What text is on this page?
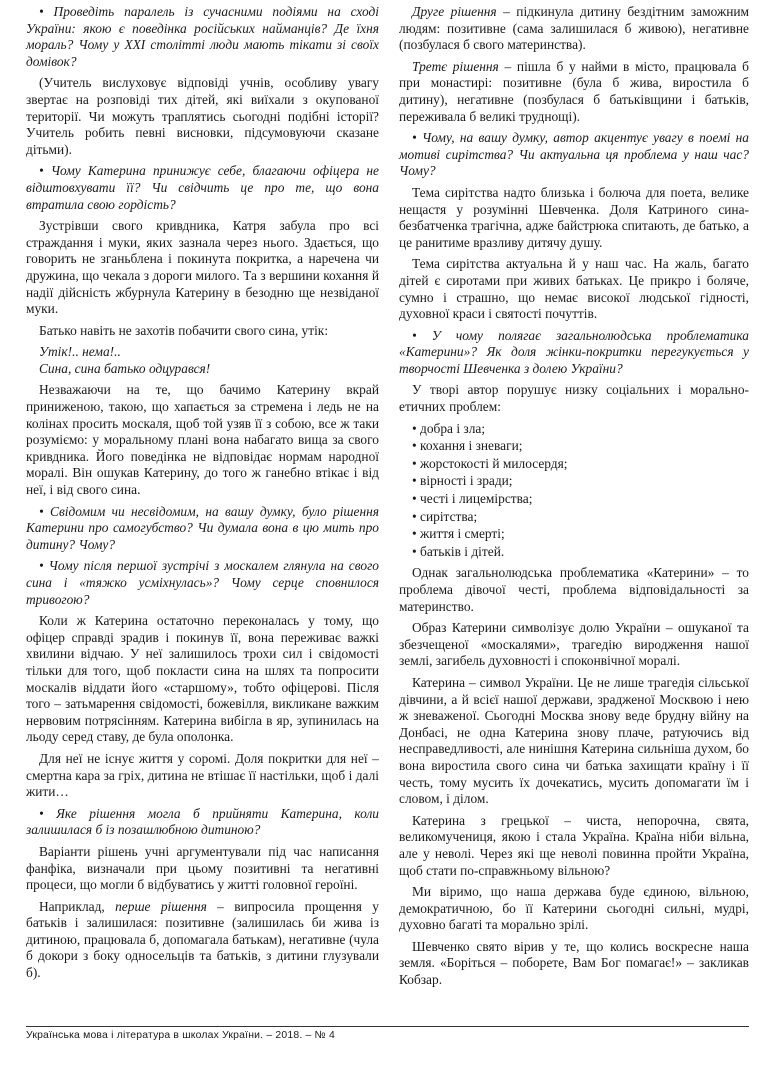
• Проведіть паралель із сучасними подіями на сході України: якою є поведінка російських найманців? Де їхня мораль? Чому у XXI столітті люди мають тікати зі своїх домівок?

(Учитель вислуховує відповіді учнів, особливу увагу звертає на розповіді тих дітей, які виїхали з окупованої території. Чи можуть траплятись сьогодні подібні історії? Учитель робить певні висновки, підсумовуючи сказане дітьми).

• Чому Катерина принижує себе, благаючи офіцера не відштовхувати її? Чи свідчить це про те, що вона втратила свою гордість?

Зустрівши свого кривдника, Катря забула про всі страждання і муки, яких зазнала через нього. Здається, що говорить не зганьблена і покинута покритка, а наречена чи дружина, що чекала з дороги милого. Та з вершини кохання й надії дійсність жбурнула Катерину в безодню ще незвіданої муки.

Батько навіть не захотів побачити свого сина, утік:

Утік!.. нема!..

Сина, сина батько одцурався!

Незважаючи на те, що бачимо Катерину вкрай приниженою, такою, що хапається за стремена і ледь не на колінах просить москаля, щоб той узяв її з собою, все ж таки розуміємо: у моральному плані вона набагато вища за свого кривдника. Його поведінка не відповідає нормам народної моралі. Він ошукав Катерину, до того ж ганебно втікає і від неї, і від свого сина.

• Свідомим чи несвідомим, на вашу думку, було рішення Катерини про самогубство? Чи думала вона в цю мить про дитину? Чому?

• Чому після першої зустрічі з москалем глянула на свого сина і «тяжко усміхнулась»? Чому серце сповнилося тривогою?

Коли ж Катерина остаточно переконалась у тому, що офіцер справді зрадив і покинув її, вона переживає важкі хвилини відчаю. У неї залишилось трохи сил і свідомості тільки для того, щоб покласти сина на шлях та попросити москалів віддати його «старшому», тобто офіцерові. Після того – затьмарення свідомості, божевілля, викликане важким нервовим потрясінням. Катерина вибігла в яр, зупинилась на льоду серед ставу, де була ополонка.

Для неї не існує життя у соромі. Доля покритки для неї – смертна кара за гріх, дитина не втішає її настільки, щоб і далі жити…

• Яке рішення могла б прийняти Катерина, коли залишилася б із позашлюбною дитиною?

Варіанти рішень учні аргументували під час написання фанфіка, визначали при цьому позитивні та негативні процеси, що могли б відбуватись у житті головної героїні.

Наприклад, перше рішення – випросила прощення у батьків і залишилася: позитивне (залишилась би жива із дитиною, працювала б, допомагала батькам), негативне (чула б докори з боку односельців та батьків, з дитини глузували б).

Друге рішення – підкинула дитину бездітним заможним людям: позитивне (сама залишилася б живою), негативне (позбулася б свого материнства).

Третє рішення – пішла б у найми в місто, працювала б при монастирі: позитивне (була б жива, виростила б дитину), негативне (позбулася б батьківщини і батьків, переживала б великі труднощі).

• Чому, на вашу думку, автор акцентує увагу в поемі на мотиві сирітства? Чи актуальна ця проблема у наш час? Чому?

Тема сирітства надто близька і болюча для поета, велике нещастя у розумінні Шевченка. Доля Катриного сина-безбатченка трагічна, адже байстрюка спитають, де батько, а це ранитиме вразливу дитячу душу.

Тема сирітства актуальна й у наш час. На жаль, багато дітей є сиротами при живих батьках. Це прикро і боляче, сумно і страшно, що немає високої людської гідності, духовної краси і святості почуттів.

• У чому полягає загальнолюдська проблематика «Катерини»? Як доля жінки-покритки перегукується у творчості Шевченка з долею України?

У творі автор порушує низку соціальних і морально-етичних проблем:

• добра і зла;

• кохання і зневаги;

• жорстокості й милосердя;

• вірності і зради;

• честі і лицемірства;

• сирітства;

• життя і смерті;

• батьків і дітей.

Однак загальнолюдська проблематика «Катерини» – то проблема дівочої честі, проблема відповідальності за материнство.

Образ Катерини символізує долю України – ошуканої та збезчещеної «москалями», трагедію виродження нашої землі, загибель духовності і споконвічної моралі.

Катерина – символ України. Це не лише трагедія сільської дівчини, а й всієї нашої держави, зрадженої Москвою і нею ж зневаженої. Сьогодні Москва знову веде брудну війну на Донбасі, не одна Катерина знову плаче, ратуючись від несправедливості, але нинішня Катерина сильніша духом, бо вона виростила свого сина чи батька захищати країну і її честь, тому мусить їх дочекатись, мусить допомагати їм і словом, і ділом.

Катерина з грецької – чиста, непорочна, свята, великомучениця, якою і стала Україна. Країна ніби вільна, але у неволі. Через які ще неволі повинна пройти Україна, щоб стати по-справжньому вільною?

Ми віримо, що наша держава буде єдиною, вільною, демократичною, бо її Катерини сьогодні сильні, мудрі, духовно багаті та морально зрілі.

Шевченко свято вірив у те, що колись воскресне наша земля. «Боріться – поборете, Вам Бог помагає!» – закликав Кобзар.

Українська мова і література в школах України. – 2018. – № 4
